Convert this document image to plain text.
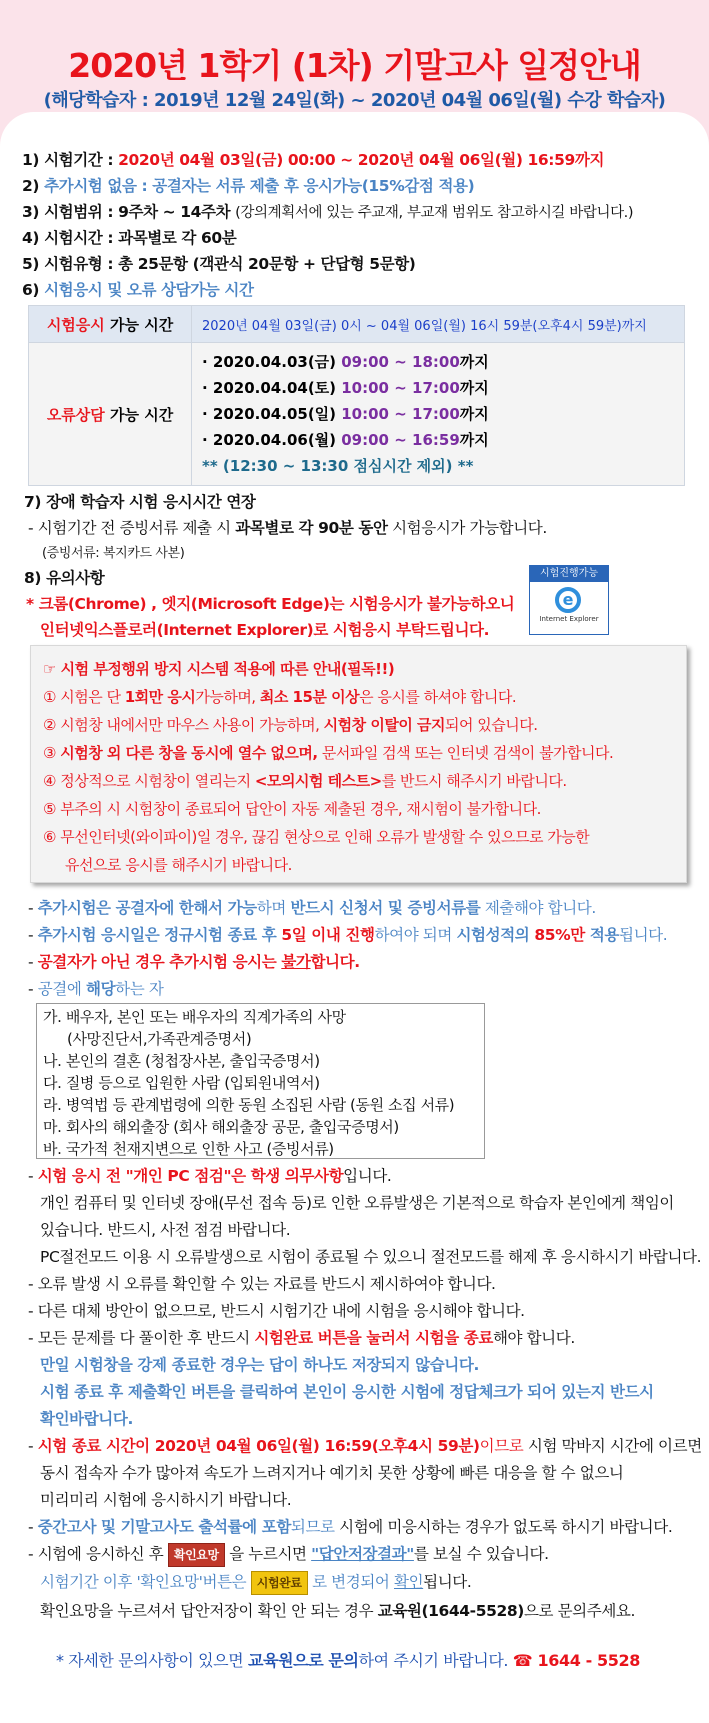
2020년 1학기 (1차) 기말고사 일정안내
(해당학습자 : 2019년 12월 24일(화) ~ 2020년 04월 06일(월) 수강 학습자)
1) 시험기간 : 2020년 04월 03일(금) 00:00 ~ 2020년 04월 06일(월) 16:59까지
2) 추가시험 없음 : 공결자는 서류 제출 후 응시가능(15%감점 적용)
3) 시험범위 : 9주차 ~ 14주차 (강의계획서에 있는 주교재, 부교재 범위도 참고하시길 바랍니다.)
4) 시험시간 : 과목별로 각 60분
5) 시험유형 : 총 25문항 (객관식 20문항 + 단답형 5문항)
6) 시험응시 및 오류 상담가능 시간
시험응시 가능 시간	2020년 04월 03일(금) 0시 ~ 04월 06일(월) 16시 59분(오후4시 59분)까지
오류상담 가능 시간	· 2020.04.03(금) 09:00 ~ 18:00까지
· 2020.04.04(토) 10:00 ~ 17:00까지
· 2020.04.05(일) 10:00 ~ 17:00까지
· 2020.04.06(월) 09:00 ~ 16:59까지
** (12:30 ~ 13:30 점심시간 제외) **
7) 장애 학습자 시험 응시시간 연장
- 시험기간 전 증빙서류 제출 시 과목별로 각 90분 동안 시험응시가 가능합니다.
(증빙서류: 복지카드 사본)
8) 유의사항
* 크롬(Chrome) , 엣지(Microsoft Edge)는 시험응시가 불가능하오니
인터넷익스플로러(Internet Explorer)로 시험응시 부탁드립니다.
시험진행가능
e
Internet Explorer
☞ 시험 부정행위 방지 시스템 적용에 따른 안내(필독!!)
① 시험은 단 1회만 응시가능하며, 최소 15분 이상은 응시를 하셔야 합니다.
② 시험창 내에서만 마우스 사용이 가능하며, 시험창 이탈이 금지되어 있습니다.
③ 시험창 외 다른 창을 동시에 열수 없으며, 문서파일 검색 또는 인터넷 검색이 불가합니다.
④ 정상적으로 시험창이 열리는지 <모의시험 테스트>를 반드시 해주시기 바랍니다.
⑤ 부주의 시 시험창이 종료되어 답안이 자동 제출된 경우, 재시험이 불가합니다.
⑥ 무선인터넷(와이파이)일 경우, 끊김 현상으로 인해 오류가 발생할 수 있으므로 가능한
유선으로 응시를 해주시기 바랍니다.
- 추가시험은 공결자에 한해서 가능하며 반드시 신청서 및 증빙서류를 제출해야 합니다.
- 추가시험 응시일은 정규시험 종료 후 5일 이내 진행하여야 되며 시험성적의 85%만 적용됩니다.
- 공결자가 아닌 경우 추가시험 응시는 불가합니다.
- 공결에 해당하는 자
가. 배우자, 본인 또는 배우자의 직계가족의 사망
(사망진단서,가족관계증명서)
나. 본인의 결혼 (청첩장사본, 출입국증명서)
다. 질병 등으로 입원한 사람 (입퇴원내역서)
라. 병역법 등 관계법령에 의한 동원 소집된 사람 (동원 소집 서류)
마. 회사의 해외출장 (회사 해외출장 공문, 출입국증명서)
바. 국가적 천재지변으로 인한 사고 (증빙서류)
- 시험 응시 전 "개인 PC 점검"은 학생 의무사항입니다.
개인 컴퓨터 및 인터넷 장애(무선 접속 등)로 인한 오류발생은 기본적으로 학습자 본인에게 책임이
있습니다. 반드시, 사전 점검 바랍니다.
PC절전모드 이용 시 오류발생으로 시험이 종료될 수 있으니 절전모드를 해제 후 응시하시기 바랍니다.
- 오류 발생 시 오류를 확인할 수 있는 자료를 반드시 제시하여야 합니다.
- 다른 대체 방안이 없으므로, 반드시 시험기간 내에 시험을 응시해야 합니다.
- 모든 문제를 다 풀이한 후 반드시 시험완료 버튼을 눌러서 시험을 종료해야 합니다.
만일 시험창을 강제 종료한 경우는 답이 하나도 저장되지 않습니다.
시험 종료 후 제출확인 버튼을 클릭하여 본인이 응시한 시험에 정답체크가 되어 있는지 반드시
확인바랍니다.
- 시험 종료 시간이 2020년 04월 06일(월) 16:59(오후4시 59분)이므로 시험 막바지 시간에 이르면
동시 접속자 수가 많아져 속도가 느려지거나 예기치 못한 상황에 빠른 대응을 할 수 없으니
미리미리 시험에 응시하시기 바랍니다.
- 중간고사 및 기말고사도 출석률에 포함되므로 시험에 미응시하는 경우가 없도록 하시기 바랍니다.
- 시험에 응시하신 후 확인요망 을 누르시면 "답안저장결과"를 보실 수 있습니다.
시험기간 이후 '확인요망'버튼은 시험완료 로 변경되어 확인됩니다.
확인요망을 누르셔서 답안저장이 확인 안 되는 경우 교육원(1644-5528)으로 문의주세요.
* 자세한 문의사항이 있으면 교육원으로 문의하여 주시기 바랍니다. ☎ 1644 - 5528
